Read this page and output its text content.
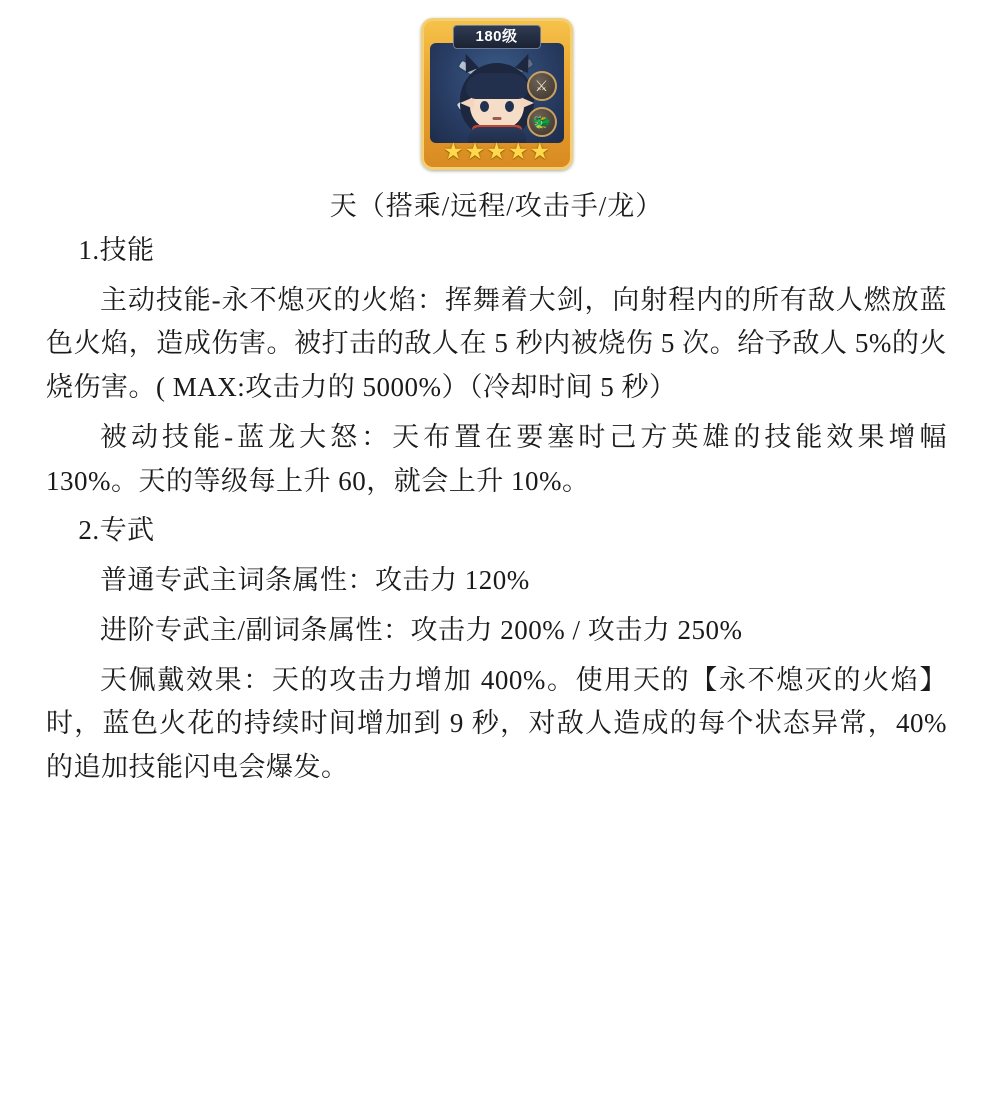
⚔
🐲
180级
★ ★ ★ ★ ★
天（搭乘/远程/攻击手/龙）

1.技能

主动技能-永不熄灭的火焰：挥舞着大剑，向射程内的所有敌人燃放蓝色火焰，造成伤害。被打击的敌人在 5 秒内被烧伤 5 次。给予敌人 5%的火烧伤害。( MAX:攻击力的 5000%）（冷却时间 5 秒）

被动技能-蓝龙大怒：天布置在要塞时己方英雄的技能效果增幅 130%。天的等级每上升 60，就会上升 10%。

2.专武

普通专武主词条属性：攻击力 120%

进阶专武主/副词条属性：攻击力 200% / 攻击力 250%

天佩戴效果：天的攻击力增加 400%。使用天的【永不熄灭的火焰】时，蓝色火花的持续时间增加到 9 秒，对敌人造成的每个状态异常，40%的追加技能闪电会爆发。
